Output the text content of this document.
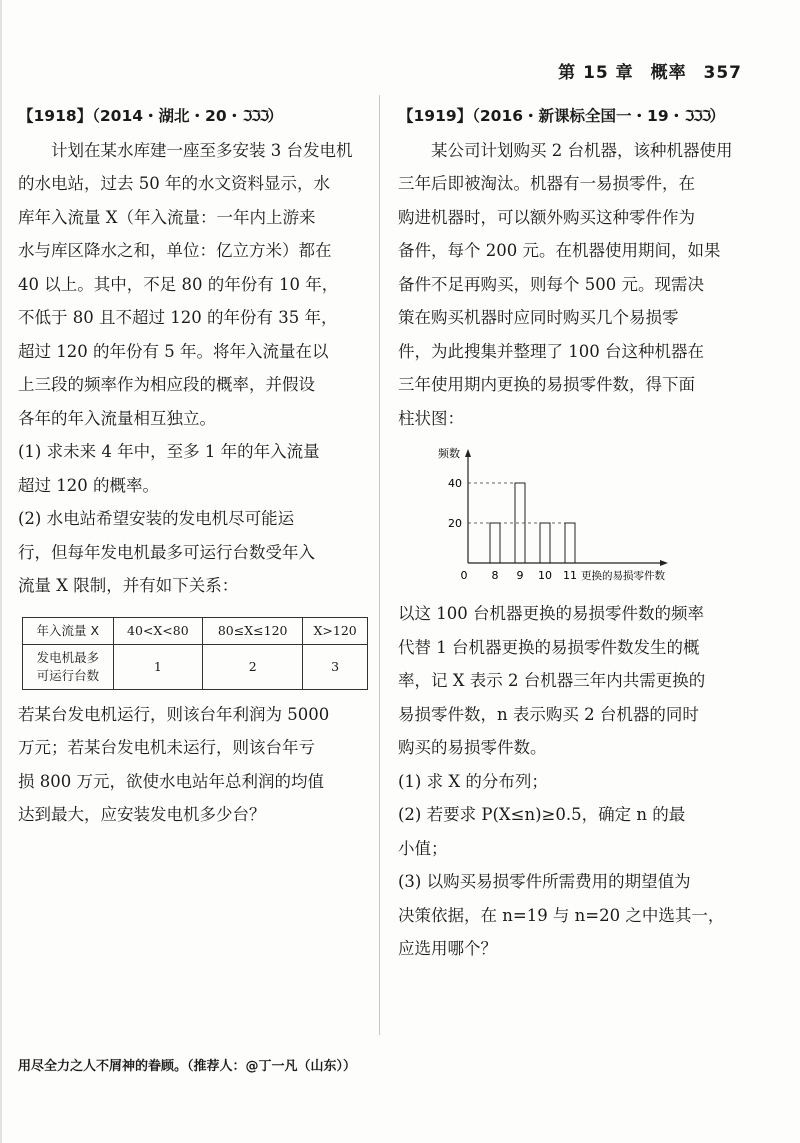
第 15 章 概率 357
【1918】（2014・湖北・20・ℑℑℑ）

计划在某水库建一座至多安装 3 台发电机

的水电站，过去 50 年的水文资料显示，水

库年入流量 X（年入流量：一年内上游来

水与库区降水之和，单位：亿立方米）都在

40 以上。其中，不足 80 的年份有 10 年，

不低于 80 且不超过 120 的年份有 35 年，

超过 120 的年份有 5 年。将年入流量在以

上三段的频率作为相应段的概率，并假设

各年的年入流量相互独立。

(1) 求未来 4 年中，至多 1 年的年入流量

超过 120 的概率。

(2) 水电站希望安装的发电机尽可能运

行，但每年发电机最多可运行台数受年入

流量 X 限制，并有如下关系：

年入流量 X	40<X<80	80≤X≤120	X>120
发电机最多
可运行台数	1	2	3

若某台发电机运行，则该台年利润为 5000

万元；若某台发电机未运行，则该台年亏

损 800 万元，欲使水电站年总利润的均值

达到最大，应安装发电机多少台？

【1919】（2016・新课标全国一・19・ℑℑℑ）

某公司计划购买 2 台机器，该种机器使用

三年后即被淘汰。机器有一易损零件，在

购进机器时，可以额外购买这种零件作为

备件，每个 200 元。在机器使用期间，如果

备件不足再购买，则每个 500 元。现需决

策在购买机器时应同时购买几个易损零

件，为此搜集并整理了 100 台这种机器在

三年使用期内更换的易损零件数，得下面

柱状图：

频数
0
20
40
8 9 10 11 更换的易损零件数

以这 100 台机器更换的易损零件数的频率

代替 1 台机器更换的易损零件数发生的概

率，记 X 表示 2 台机器三年内共需更换的

易损零件数，n 表示购买 2 台机器的同时

购买的易损零件数。

(1) 求 X 的分布列；

(2) 若要求 P(X≤n)≥0.5，确定 n 的最

小值；

(3) 以购买易损零件所需费用的期望值为

决策依据，在 n=19 与 n=20 之中选其一，

应选用哪个？

用尽全力之人不屑神的眷顾。（推荐人：@丁一凡（山东））
